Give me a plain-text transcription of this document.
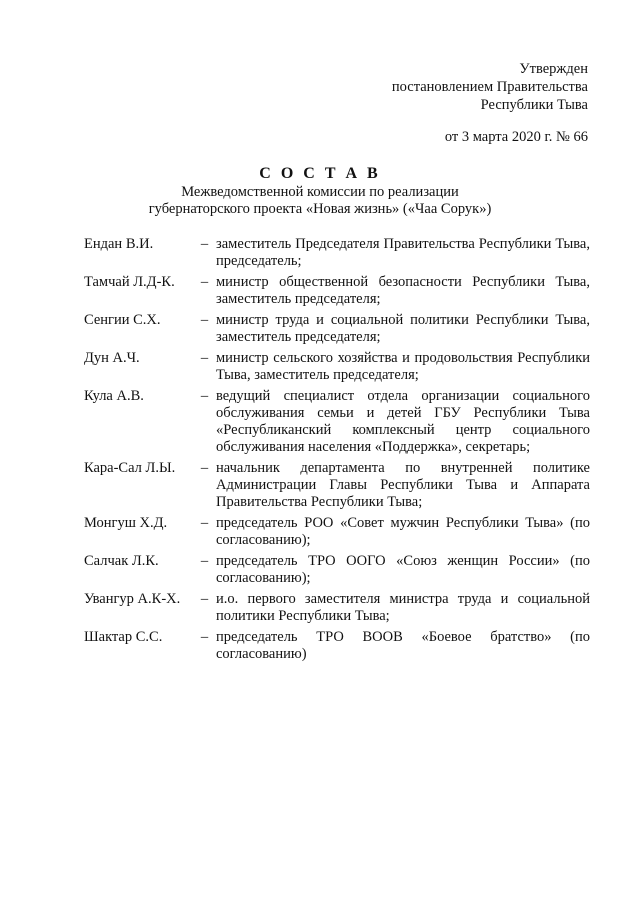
Утвержден
постановлением Правительства
Республики Тыва
от 3 марта 2020 г. № 66
С О С Т А В
Межведомственной комиссии по реализации
губернаторского проекта «Новая жизнь» («Чаа Сорук»)
Ендан В.И.	– заместитель Председателя Правительства Республики Тыва, председатель;
Тамчай Л.Д-К.	– министр общественной безопасности Республики Тыва, заместитель председателя;
Сенгии С.Х.	– министр труда и социальной политики Республики Тыва, заместитель председателя;
Дун А.Ч.	– министр сельского хозяйства и продовольствия Республики Тыва, заместитель председателя;
Кула А.В.	– ведущий специалист отдела организации социального обслуживания семьи и детей ГБУ Республики Тыва «Республиканский комплексный центр социального обслуживания населения «Поддержка», секретарь;
Кара-Сал Л.Ы.	– начальник департамента по внутренней политике Администрации Главы Республики Тыва и Аппарата Правительства Республики Тыва;
Монгуш Х.Д.	– председатель РОО «Совет мужчин Республики Тыва» (по согласованию);
Салчак Л.К.	– председатель ТРО ООГО «Союз женщин России» (по согласованию);
Увангур А.К-Х.	– и.о. первого заместителя министра труда и социальной политики Республики Тыва;
Шактар С.С.	– председатель ТРО ВООВ «Боевое братство» (по согласованию)
